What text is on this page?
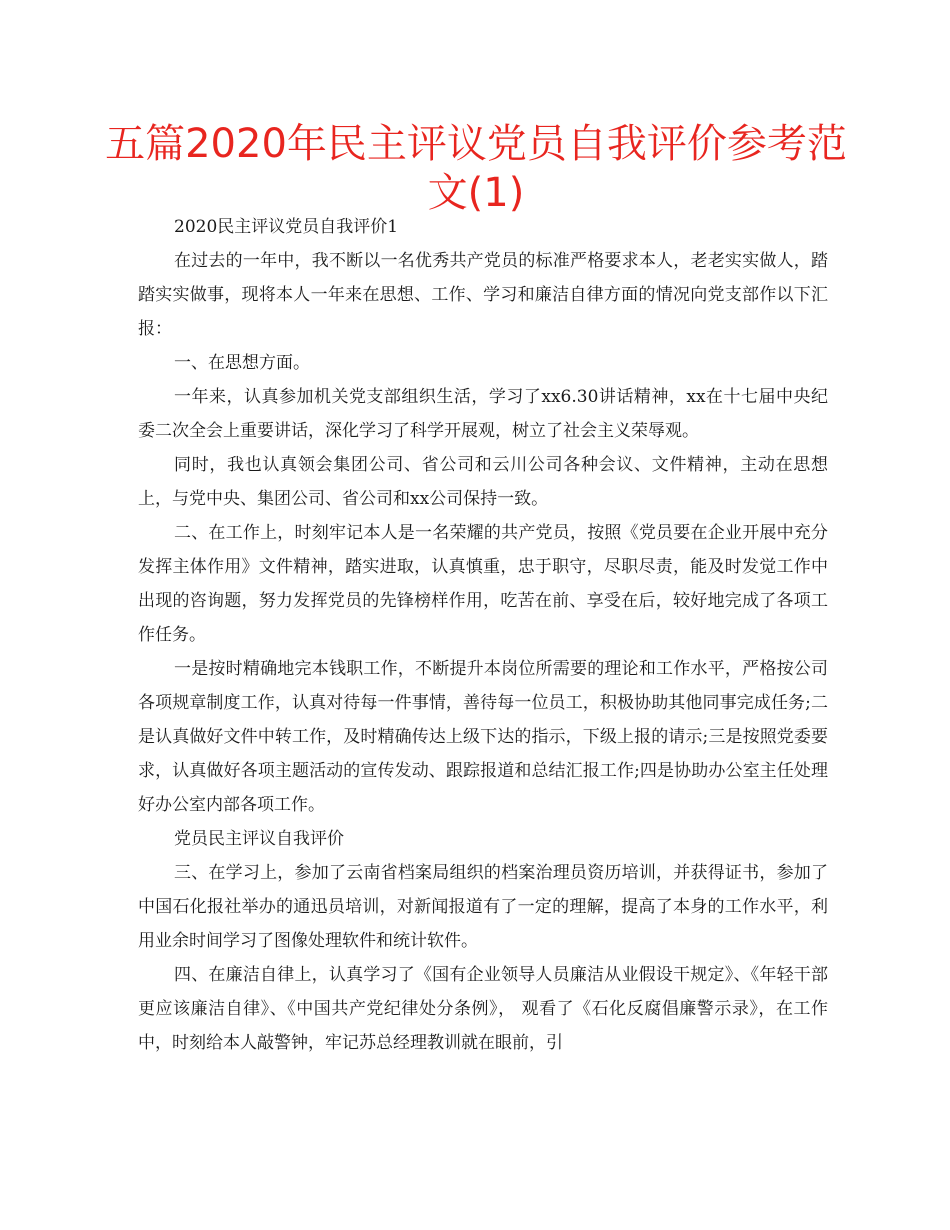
五篇2020年民主评议党员自我评价参考范文(1)

2020民主评议党员自我评价1

在过去的一年中，我不断以一名优秀共产党员的标准严格要求本人，老老实实做人，踏踏实实做事，现将本人一年来在思想、工作、学习和廉洁自律方面的情况向党支部作以下汇报：

一、在思想方面。

一年来，认真参加机关党支部组织生活，学习了xx6.30讲话精神，xx在十七届中央纪委二次全会上重要讲话，深化学习了科学开展观，树立了社会主义荣辱观。

同时，我也认真领会集团公司、省公司和云川公司各种会议、文件精神，主动在思想上，与党中央、集团公司、省公司和xx公司保持一致。

二、在工作上，时刻牢记本人是一名荣耀的共产党员，按照《党员要在企业开展中充分发挥主体作用》文件精神，踏实进取，认真慎重，忠于职守，尽职尽责，能及时发觉工作中出现的咨询题，努力发挥党员的先锋榜样作用，吃苦在前、享受在后，较好地完成了各项工作任务。

一是按时精确地完本钱职工作，不断提升本岗位所需要的理论和工作水平，严格按公司各项规章制度工作，认真对待每一件事情，善待每一位员工，积极协助其他同事完成任务;二是认真做好文件中转工作，及时精确传达上级下达的指示，下级上报的请示;三是按照党委要求，认真做好各项主题活动的宣传发动、跟踪报道和总结汇报工作;四是协助办公室主任处理好办公室内部各项工作。

党员民主评议自我评价

三、在学习上，参加了云南省档案局组织的档案治理员资历培训，并获得证书，参加了中国石化报社举办的通迅员培训，对新闻报道有了一定的理解，提高了本身的工作水平，利用业余时间学习了图像处理软件和统计软件。

四、在廉洁自律上，认真学习了《国有企业领导人员廉洁从业假设干规定》、《年轻干部更应该廉洁自律》、《中国共产党纪律处分条例》， 观看了《石化反腐倡廉警示录》，在工作中，时刻给本人敲警钟，牢记苏总经理教训就在眼前，引
